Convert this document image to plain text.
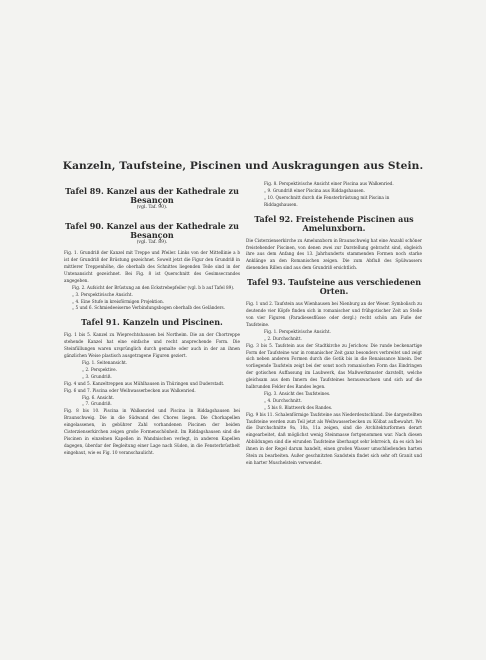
Kanzeln, Taufsteine, Piscinen und Auskragungen aus Stein.
Tafel 89. Kanzel aus der Kathedrale zu Besançon
(vgl. Taf. 90).
Tafel 90. Kanzel aus der Kathedrale zu Besançon
(vgl. Taf. 89).
Fig. 1. Grundriß der Kanzel mit Treppe und Pfeiler. Links von der Mittellinie a b ist der Grundriß der Brüstung gezeichnet. Soweit jetzt die Figur den Grundriß in mittlerer Treppenhöhe, die oberhalb des Schnittes liegenden Teile sind in der Untenansicht gezeichnet. Bei Fig. 8 ist Querschnitt des Gesimsecrandes angegeben.
Fig. 2. Aufsicht der Brüstung an den Eckstrebepfeiler (vgl. b b auf Tafel 89).
„ 3. Perspektivische Ansicht.
„ 4. Eine Stufe in kreisförmigen Projektion.
„ 5 und 6. Schmiedeeiserne Verbindungsbogen oberhalb des Geländers.
Tafel 91. Kanzeln und Piscinen.
Fig. 1 bis 5. Kanzel zu Wieprechtshausen bei Northeim. Die an der Chortreppe stehende Kanzel hat eine einfache und recht ansprechende Form. Die Steinfüllungen waren ursprünglich durch gemalte oder auch in der an ihnen gänzlichen Weise plastisch ausgetragene Figuren geziert.
Fig. 1. Seitenansicht.
„ 2. Perspektive.
„ 3. Grundriß.
Fig. 4 und 5. Kanzeltreppen aus Mühlhausen in Thüringen und Duderstadt.
Fig. 6 und 7. Piscina oder Weihwasserbecken aus Walkenried.
Fig. 6. Ansicht.
„ 7. Grundriß.
Fig. 8 bis 10. Piscina in Walkenried und Piscina in Riddagshausen bei Braunschweig. Die in die Südwand des Chores liegen. Die Chorkapellen eingelassenen, in gebührer Zahl vorhandenen Piscinen der beiden Cisterzienserkirchen zeigen große Formenschönheit. Im Riddagshausen sind die Piscinen in einzelnen Kapellen in Wandnischen verlegt, in anderen Kapellen dagegen, überdar der Begleitung einer Lage nach Süden, in die Fensterbrüstheit eingebaut, wie es Fig. 10 veranschaulicht.
Fig. 8. Perspektivische Ansicht einer Piscina aus Walkenried.
„ 9. Grundriß einer Piscina aus Riddagshausen.
„ 10. Querschnitt durch die Fensterbrüstung mit Piscina in Riddagshausen.
Tafel 92. Freistehende Piscinen aus Amelunxborn.
Die Cisterzienserkirche zu Amelunxborn in Braunschweig hat eine Anzahl schöner freistehender Piscinen, von denen zwei zur Darstellung gebracht sind, obgleich ihre aus dem Anfang des 13. Jahrhunderts stammenden Formen noch starke Anklänge an den Romanischen zeigen. Die zum Abfluß des Spülwassers dienenden Rillen sind aus dem Grundriß ersichtlich.
Tafel 93. Taufsteine aus verschiedenen Orten.
Fig. 1 und 2. Taufstein aus Wienhausen bei Nienburg an der Weser. Symbolisch zu deutende vier Köpfe finden sich in romanischer und frühgotischer Zeit an Stelle von vier Figuren (Paradiesesflüsse oder dergl.) recht schön am Fuße der Taufsteine.
Fig. 1. Perspektivische Ansicht.
„ 2. Durchschnitt.
Fig. 3 bis 5. Taufstein aus der Stadtkirche zu Jerichow. Die runde beckenartige Form der Taufsteine war in romanischer Zeit ganz besonders verbreitet und zeigt sich neben anderen Formen durch die Gotik bis in die Renaissance hinein. Der vorliegende Taufstein zeigt bei der sonst noch romanischen Form das Eindringen der gotischen Auffassung im Laubwerk, das Maßwerkmuster darstellt, welche gleichsam aus dem Innern des Taufsteines herauswachsen und sich auf die halbrunden Felder des Randes legen.
Fig. 3. Ansicht des Taufsteines.
„ 4. Durchschnitt.
„ 5 bis 8. Blattwerk des Randes.
Fig. 9 bis 11. Schalenförmige Taufsteine aus Niederdeutschland. Die dargestellten Taufsteine werden zum Teil jetzt als Weihwasserbecken zu Kölbat aufbewahrt. Wo die Durchschnitte 9a, 10a, 11a zeigen, sind die Architekturformen derart eingearbeitet, daß möglichst wenig Steinmasse fortgenommen war. Nach diesen Abbildungen sind die eirunden Taufsteine überhaupt sehr lehrreich, da es sich bei ihnen in der Regel darum handelt, einen großen Wasser umschließenden harten Stein zu bearbeiten. Außer geschnitzten Sandstein findet sich sehr oft Granit und ein harter Muschelstein verwendet.
